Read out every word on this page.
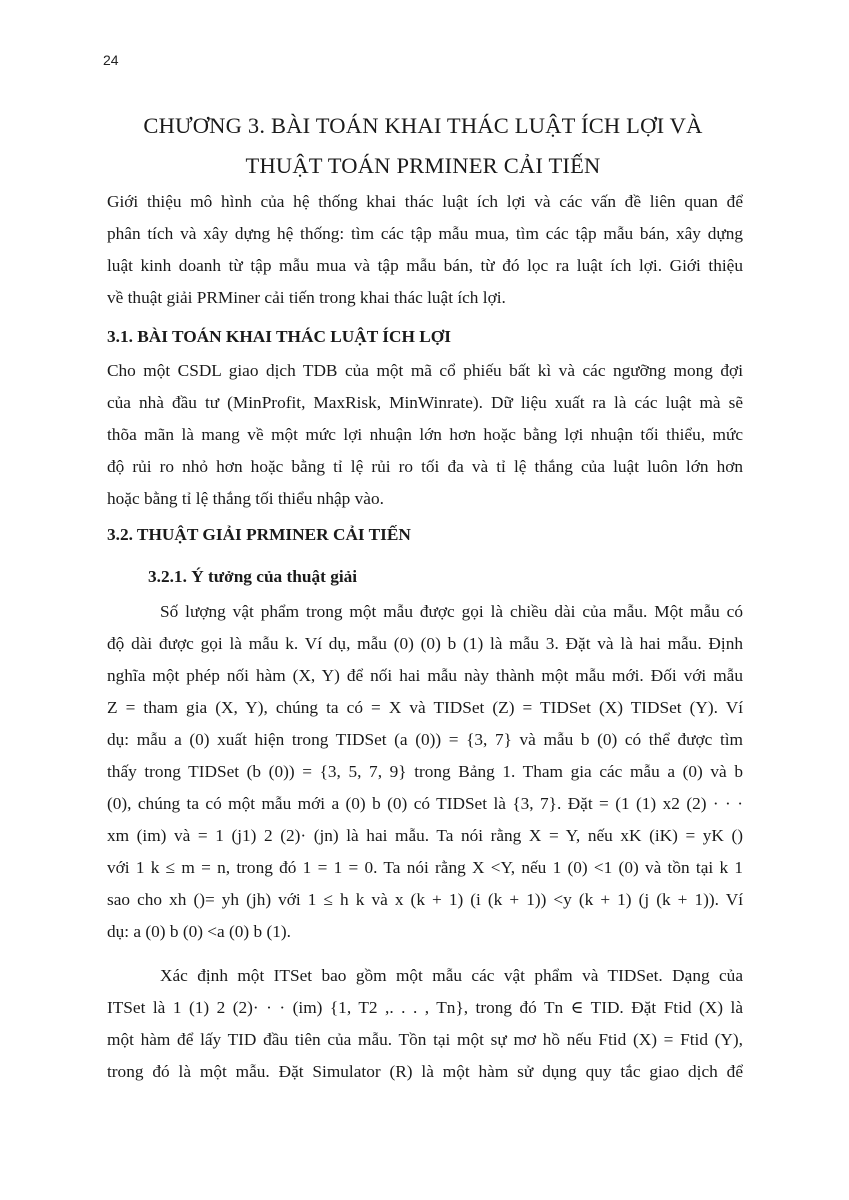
24
CHƯƠNG 3. BÀI TOÁN KHAI THÁC LUẬT ÍCH LỢI VÀ
THUẬT TOÁN PRMINER CẢI TIẾN
Giới thiệu mô hình của hệ thống khai thác luật ích lợi và các vấn đề liên quan để
phân tích và xây dựng hệ thống: tìm các tập mẫu mua, tìm các tập mẫu bán, xây dựng
luật kinh doanh từ tập mẫu mua và tập mẫu bán, từ đó lọc ra luật ích lợi. Giới thiệu
về thuật giải PRMiner cải tiến trong khai thác luật ích lợi.
3.1. BÀI TOÁN KHAI THÁC LUẬT ÍCH LỢI
Cho một CSDL giao dịch TDB của một mã cổ phiếu bất kì và các ngưỡng mong đợi
của nhà đầu tư (MinProfit, MaxRisk, MinWinrate). Dữ liệu xuất ra là các luật mà sẽ
thõa mãn là mang về một mức lợi nhuận lớn hơn hoặc bằng lợi nhuận tối thiểu, mức
độ rủi ro nhỏ hơn hoặc bằng tỉ lệ rủi ro tối đa và tỉ lệ thắng của luật luôn lớn hơn
hoặc bằng tỉ lệ thắng tối thiểu nhập vào.
3.2. THUẬT GIẢI PRMINER CẢI TIẾN
3.2.1. Ý tưởng của thuật giải
Số lượng vật phẩm trong một mẫu được gọi là chiều dài của mẫu. Một mẫu có
độ dài được gọi là mẫu k. Ví dụ, mẫu (0) (0) b (1) là mẫu 3. Đặt và là hai mẫu. Định
nghĩa một phép nối hàm (X, Y) để nối hai mẫu này thành một mẫu mới. Đối với mẫu
Z = tham gia (X, Y), chúng ta có = X và TIDSet (Z) = TIDSet (X) TIDSet (Y). Ví
dụ: mẫu a (0) xuất hiện trong TIDSet (a (0)) = {3, 7} và mẫu b (0) có thể được tìm
thấy trong TIDSet (b (0)) = {3, 5, 7, 9} trong Bảng 1. Tham gia các mẫu a (0) và b
(0), chúng ta có một mẫu mới a (0) b (0) có TIDSet là {3, 7}. Đặt = (1 (1) x2 (2) · · ·
xm (im) và = 1 (j1) 2 (2)· (jn) là hai mẫu. Ta nói rằng X = Y, nếu xK (iK) = yK ()
với 1 k ≤ m = n, trong đó 1 = 1 = 0. Ta nói rằng X <Y, nếu 1 (0) <1 (0) và tồn tại k 1
sao cho xh ()= yh (jh) với 1 ≤ h k và x (k + 1) (i (k + 1)) <y (k + 1) (j (k + 1)). Ví
dụ: a (0) b (0) <a (0) b (1).
Xác định một ITSet bao gồm một mẫu các vật phẩm và TIDSet. Dạng của
ITSet là 1 (1) 2 (2)· · · (im) {1, T2 ,. . . , Tn}, trong đó Tn ∈ TID. Đặt Ftid (X) là
một hàm để lấy TID đầu tiên của mẫu. Tồn tại một sự mơ hồ nếu Ftid (X) = Ftid (Y),
trong đó là một mẫu. Đặt Simulator (R) là một hàm sử dụng quy tắc giao dịch để
